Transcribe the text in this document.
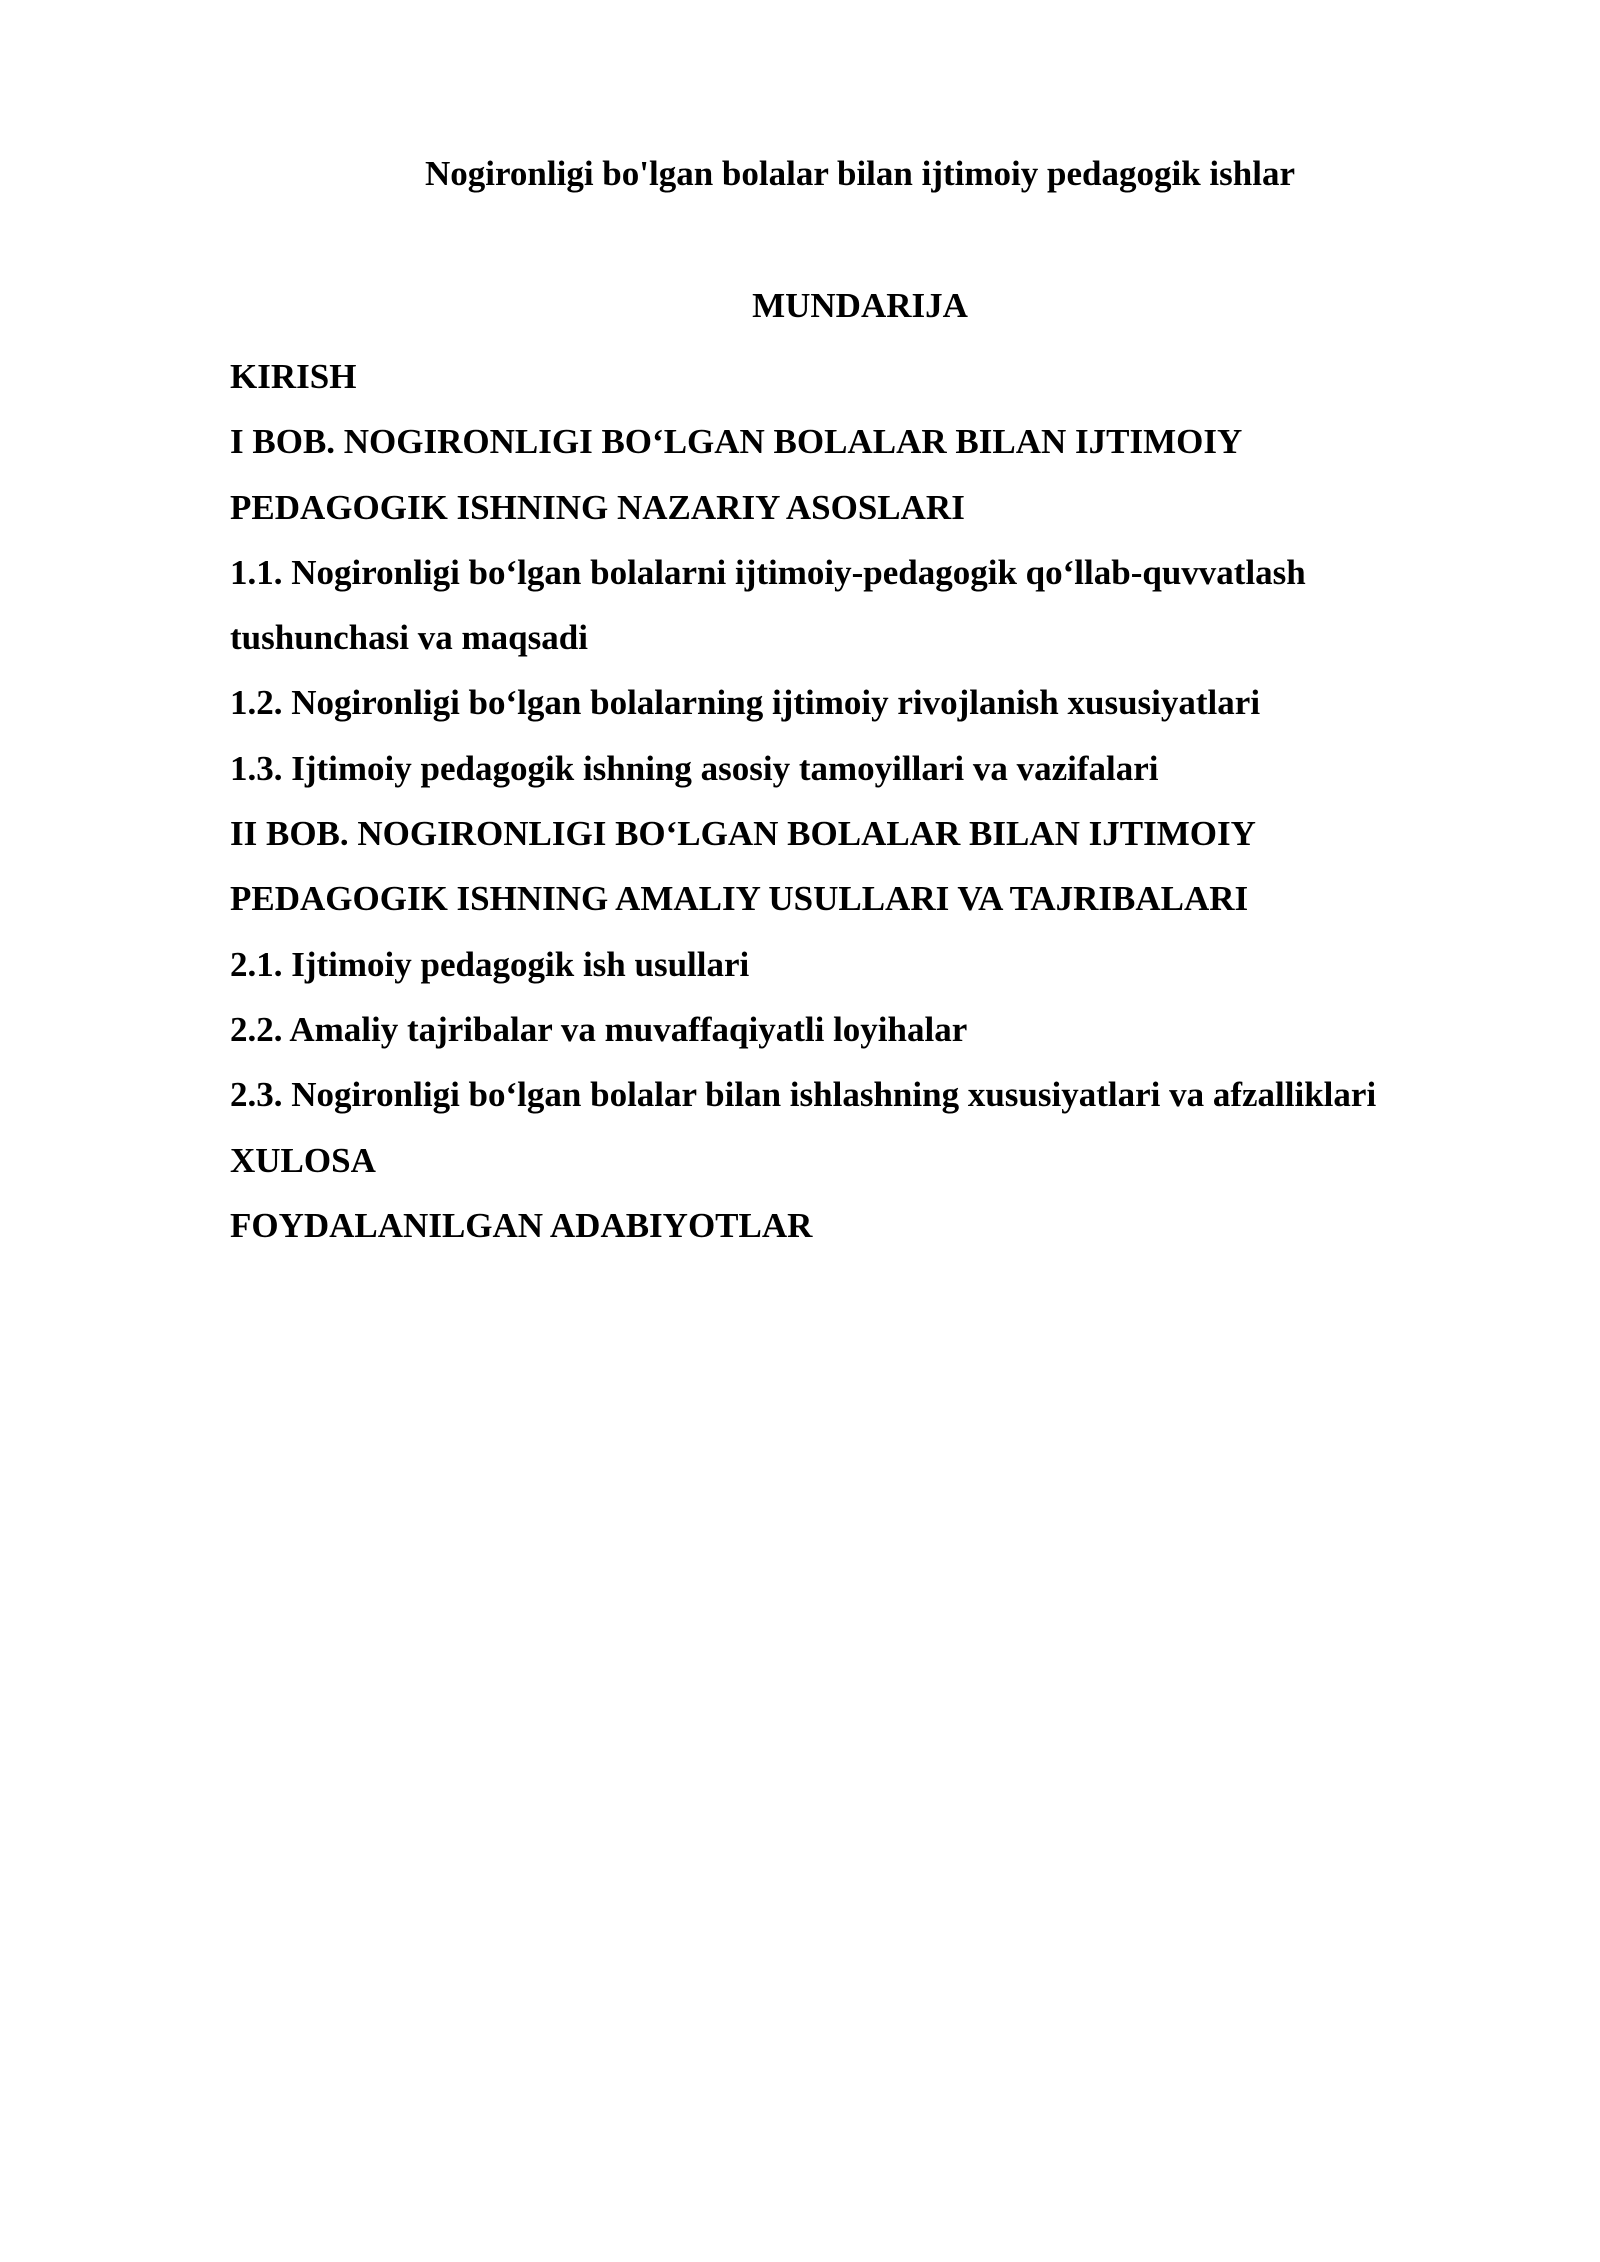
Nogironligi bo'lgan bolalar bilan ijtimoiy pedagogik ishlar
MUNDARIJA
KIRISH
I BOB. NOGIRONLIGI BO‘LGAN BOLALAR BILAN IJTIMOIY
PEDAGOGIK ISHNING NAZARIY ASOSLARI
1.1. Nogironligi bo‘lgan bolalarni ijtimoiy-pedagogik qo‘llab-quvvatlash
tushunchasi va maqsadi
1.2. Nogironligi bo‘lgan bolalarning ijtimoiy rivojlanish xususiyatlari
1.3. Ijtimoiy pedagogik ishning asosiy tamoyillari va vazifalari
II BOB. NOGIRONLIGI BO‘LGAN BOLALAR BILAN IJTIMOIY
PEDAGOGIK ISHNING AMALIY USULLARI VA TAJRIBALARI
2.1. Ijtimoiy pedagogik ish usullari
2.2. Amaliy tajribalar va muvaffaqiyatli loyihalar
2.3. Nogironligi bo‘lgan bolalar bilan ishlashning xususiyatlari va afzalliklari
XULOSA
FOYDALANILGAN ADABIYOTLAR
